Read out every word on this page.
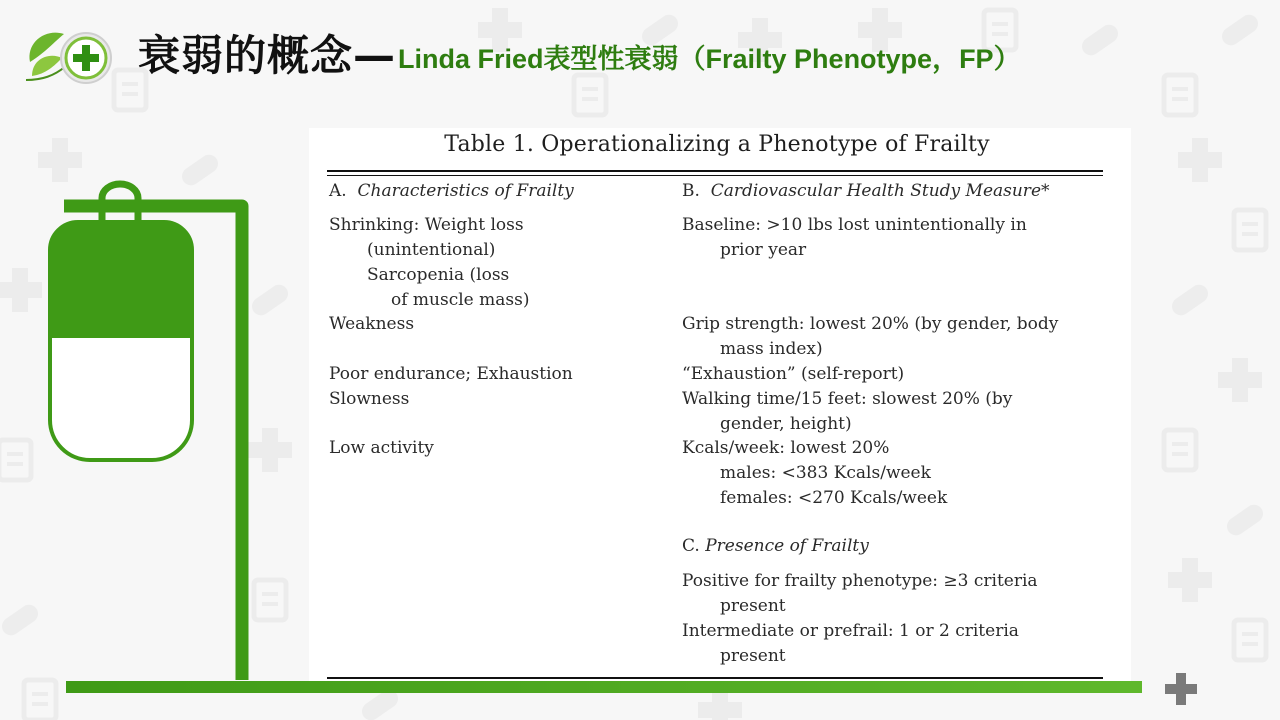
衰弱的概念— Linda Fried表型性衰弱（Frailty Phenotype，FP）
Table 1. Operationalizing a Phenotype of Frailty
A. Characteristics of Frailty	B. Cardiovascular Health Study Measure*
Shrinking: Weight loss
(unintentional)
Sarcopenia (loss
of muscle mass)
Weakness
Poor endurance; Exhaustion
Slowness
Low activity
Baseline: >10 lbs lost unintentionally in
prior year
Grip strength: lowest 20% (by gender, body
mass index)
“Exhaustion” (self-report)
Walking time/15 feet: slowest 20% (by
gender, height)
Kcals/week: lowest 20%
males: <383 Kcals/week
females: <270 Kcals/week
C. Presence of Frailty
Positive for frailty phenotype: ≥3 criteria
present
Intermediate or prefrail: 1 or 2 criteria
present
